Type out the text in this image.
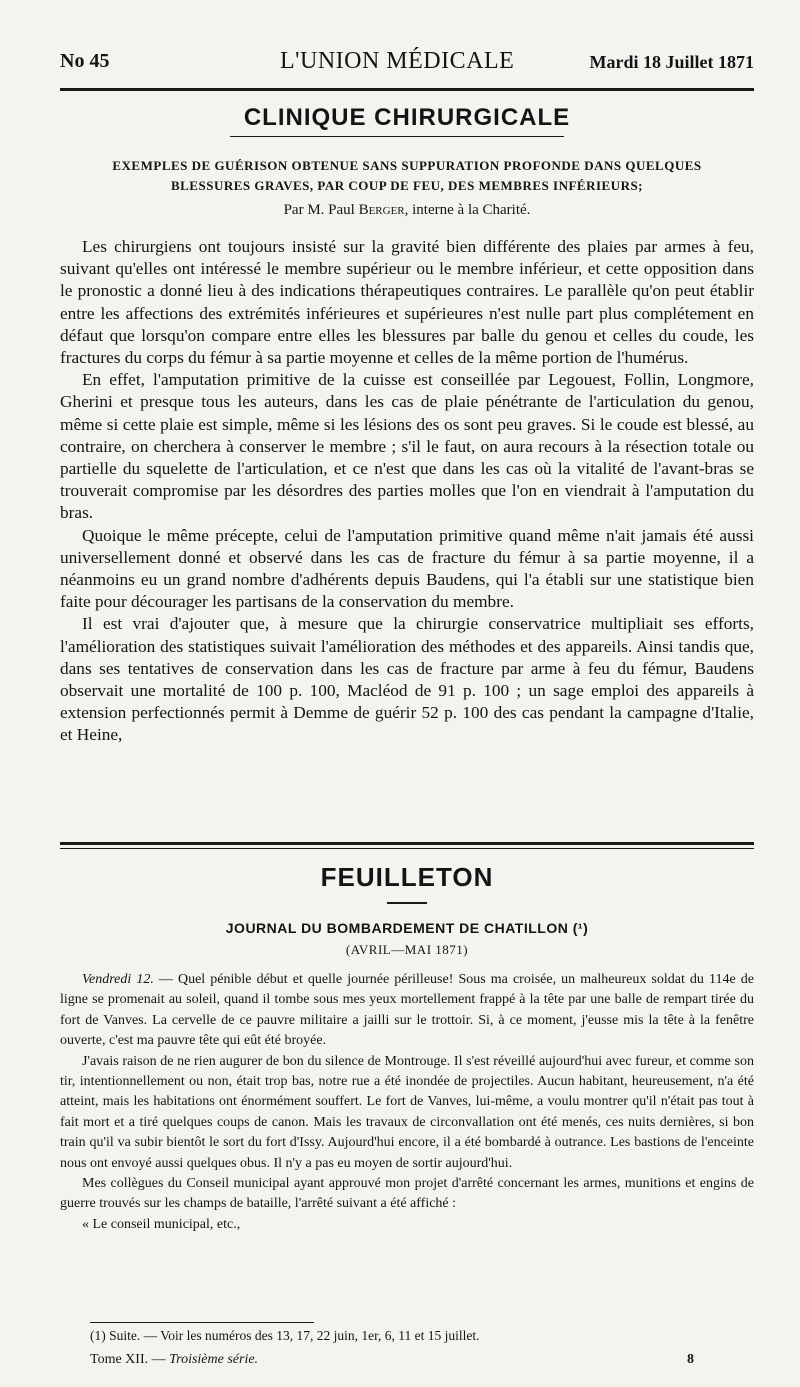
No 45	L'UNION MÉDICALE	Mardi 18 Juillet 1871
CLINIQUE CHIRURGICALE
EXEMPLES DE GUÉRISON OBTENUE SANS SUPPURATION PROFONDE DANS QUELQUES
BLESSURES GRAVES, PAR COUP DE FEU, DES MEMBRES INFÉRIEURS;
Par M. Paul Berger, interne à la Charité.

Les chirurgiens ont toujours insisté sur la gravité bien différente des plaies par armes à feu, suivant qu'elles ont intéressé le membre supérieur ou le membre inférieur, et cette opposition dans le pronostic a donné lieu à des indications thérapeutiques contraires. Le parallèle qu'on peut établir entre les affections des extrémités inférieures et supérieures n'est nulle part plus complétement en défaut que lorsqu'on compare entre elles les blessures par balle du genou et celles du coude, les fractures du corps du fémur à sa partie moyenne et celles de la même portion de l'humérus.

En effet, l'amputation primitive de la cuisse est conseillée par Legouest, Follin, Longmore, Gherini et presque tous les auteurs, dans les cas de plaie pénétrante de l'articulation du genou, même si cette plaie est simple, même si les lésions des os sont peu graves. Si le coude est blessé, au contraire, on cherchera à conserver le membre ; s'il le faut, on aura recours à la résection totale ou partielle du squelette de l'articulation, et ce n'est que dans les cas où la vitalité de l'avant-bras se trouverait compromise par les désordres des parties molles que l'on en viendrait à l'amputation du bras.

Quoique le même précepte, celui de l'amputation primitive quand même n'ait jamais été aussi universellement donné et observé dans les cas de fracture du fémur à sa partie moyenne, il a néanmoins eu un grand nombre d'adhérents depuis Baudens, qui l'a établi sur une statistique bien faite pour décourager les partisans de la conservation du membre.

Il est vrai d'ajouter que, à mesure que la chirurgie conservatrice multipliait ses efforts, l'amélioration des statistiques suivait l'amélioration des méthodes et des appareils. Ainsi tandis que, dans ses tentatives de conservation dans les cas de fracture par arme à feu du fémur, Baudens observait une mortalité de 100 p. 100, Macléod de 91 p. 100 ; un sage emploi des appareils à extension perfectionnés permit à Demme de guérir 52 p. 100 des cas pendant la campagne d'Italie, et Heine,

FEUILLETON
JOURNAL DU BOMBARDEMENT DE CHATILLON (¹)
(AVRIL—MAI 1871)

Vendredi 12. — Quel pénible début et quelle journée périlleuse! Sous ma croisée, un malheureux soldat du 114e de ligne se promenait au soleil, quand il tombe sous mes yeux mortellement frappé à la tête par une balle de rempart tirée du fort de Vanves. La cervelle de ce pauvre militaire a jailli sur le trottoir. Si, à ce moment, j'eusse mis la tête à la fenêtre ouverte, c'est ma pauvre tête qui eût été broyée.

J'avais raison de ne rien augurer de bon du silence de Montrouge. Il s'est réveillé aujourd'hui avec fureur, et comme son tir, intentionnellement ou non, était trop bas, notre rue a été inondée de projectiles. Aucun habitant, heureusement, n'a été atteint, mais les habitations ont énormément souffert. Le fort de Vanves, lui-même, a voulu montrer qu'il n'était pas tout à fait mort et a tiré quelques coups de canon. Mais les travaux de circonvallation ont été menés, ces nuits dernières, si bon train qu'il va subir bientôt le sort du fort d'Issy. Aujourd'hui encore, il a été bombardé à outrance. Les bastions de l'enceinte nous ont envoyé aussi quelques obus. Il n'y a pas eu moyen de sortir aujourd'hui.

Mes collègues du Conseil municipal ayant approuvé mon projet d'arrêté concernant les armes, munitions et engins de guerre trouvés sur les champs de bataille, l'arrêté suivant a été affiché :

« Le conseil municipal, etc.,

(1) Suite. — Voir les numéros des 13, 17, 22 juin, 1er, 6, 11 et 15 juillet.
Tome XII. — Troisième série.	8
